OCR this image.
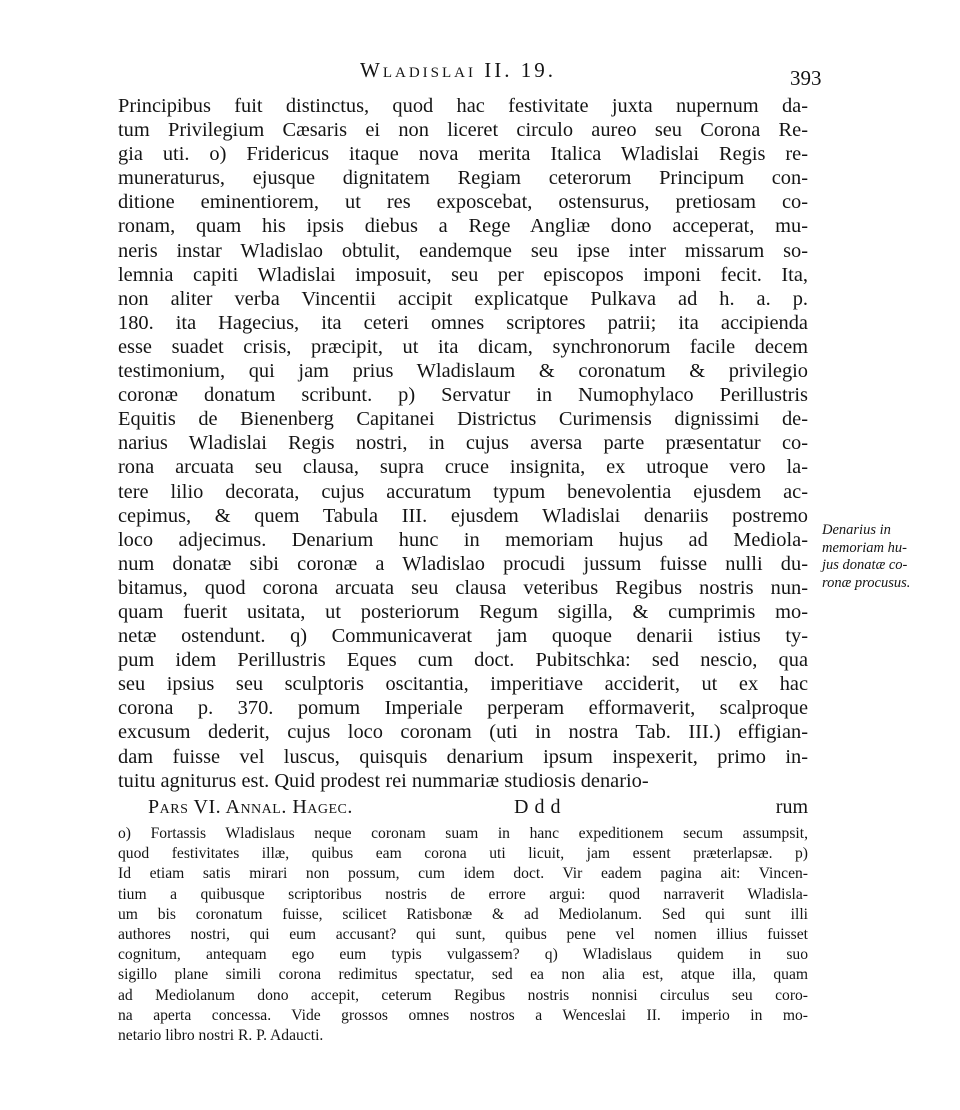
Wladislai II. 19.	393
Principibus fuit distinctus, quod hac festivitate juxta nupernum da-
tum Privilegium Cæsaris ei non liceret circulo aureo seu Corona Re-
gia uti. o) Fridericus itaque nova merita Italica Wladislai Regis re-
muneraturus, ejusque dignitatem Regiam ceterorum Principum con-
ditione eminentiorem, ut res exposcebat, ostensurus, pretiosam co-
ronam, quam his ipsis diebus a Rege Angliæ dono acceperat, mu-
neris instar Wladislao obtulit, eandemque seu ipse inter missarum so-
lemnia capiti Wladislai imposuit, seu per episcopos imponi fecit. Ita,
non aliter verba Vincentii accipit explicatque Pulkava ad h. a. p.
180. ita Hagecius, ita ceteri omnes scriptores patrii; ita accipienda
esse suadet crisis, præcipit, ut ita dicam, synchronorum facile decem
testimonium, qui jam prius Wladislaum & coronatum & privilegio
coronæ donatum scribunt. p) Servatur in Numophylaco Perillustris
Equitis de Bienenberg Capitanei Districtus Curimensis dignissimi de-
narius Wladislai Regis nostri, in cujus aversa parte præsentatur co-
rona arcuata seu clausa, supra cruce insignita, ex utroque vero la-
tere lilio decorata, cujus accuratum typum benevolentia ejusdem ac-
cepimus, & quem Tabula III. ejusdem Wladislai denariis postremo
loco adjecimus. Denarium hunc in memoriam hujus ad Mediola-
num donatæ sibi coronæ a Wladislao procudi jussum fuisse nulli du-
bitamus, quod corona arcuata seu clausa veteribus Regibus nostris nun-
quam fuerit usitata, ut posteriorum Regum sigilla, & cumprimis mo-
netæ ostendunt. q) Communicaverat jam quoque denarii istius ty-
pum idem Perillustris Eques cum doct. Pubitschka: sed nescio, qua
seu ipsius seu sculptoris oscitantia, imperitiave acciderit, ut ex hac
corona p. 370. pomum Imperiale perperam efformaverit, scalproque
excusum dederit, cujus loco coronam (uti in nostra Tab. III.) effigian-
dam fuisse vel luscus, quisquis denarium ipsum inspexerit, primo in-
tuitu agniturus est. Quid prodest rei nummariæ studiosis denario-
Denarius in
memoriam hu-
jus donatæ co-
ronæ procusus.
Pars VI. Annal. Hagec.	Ddd	rum
o) Fortassis Wladislaus neque coronam suam in hanc expeditionem secum assumpsit,
quod festivitates illæ, quibus eam corona uti licuit, jam essent præterlapsæ. p)
Id etiam satis mirari non possum, cum idem doct. Vir eadem pagina ait: Vincen-
tium a quibusque scriptoribus nostris de errore argui: quod narraverit Wladisla-
um bis coronatum fuisse, scilicet Ratisbonæ & ad Mediolanum. Sed qui sunt illi
authores nostri, qui eum accusant? qui sunt, quibus pene vel nomen illius fuisset
cognitum, antequam ego eum typis vulgassem? q) Wladislaus quidem in suo
sigillo plane simili corona redimitus spectatur, sed ea non alia est, atque illa, quam
ad Mediolanum dono accepit, ceterum Regibus nostris nonnisi circulus seu coro-
na aperta concessa. Vide grossos omnes nostros a Wenceslai II. imperio in mo-
netario libro nostri R. P. Adaucti.
